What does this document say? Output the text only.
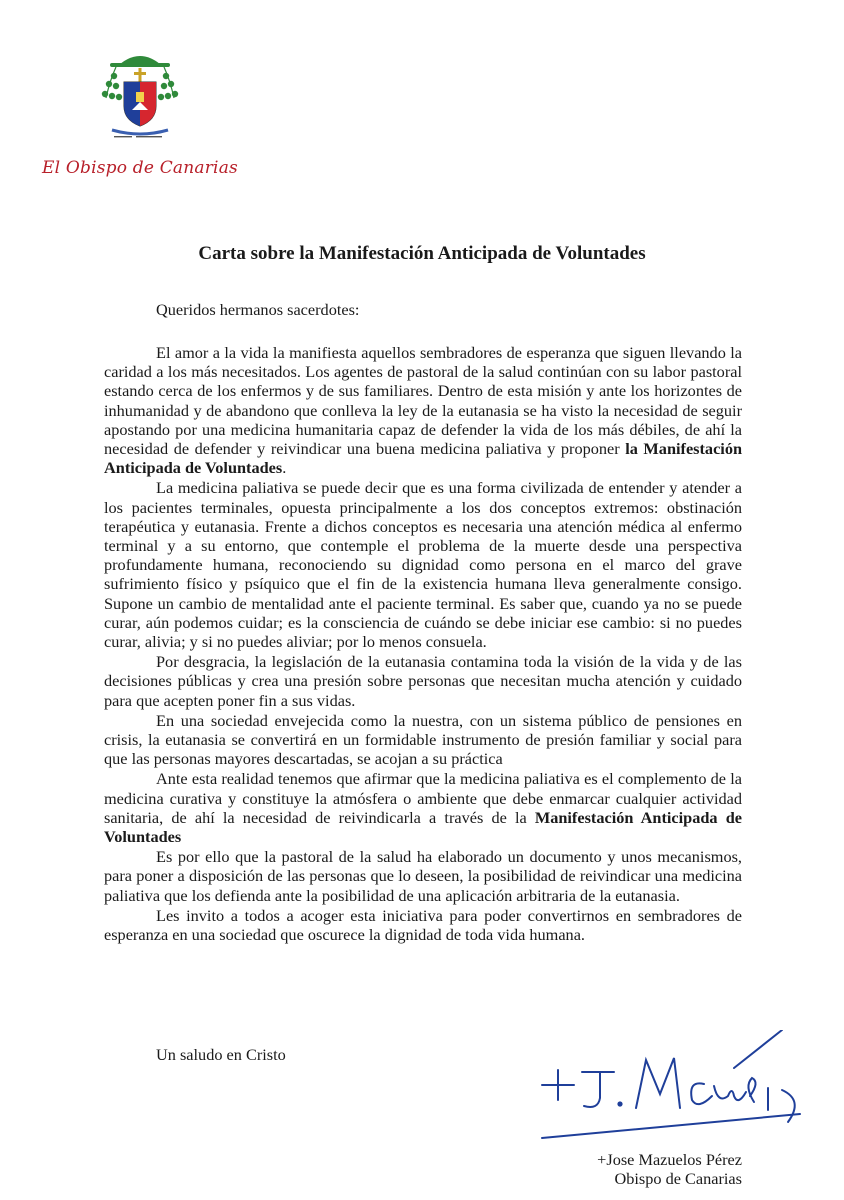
El Obispo de Canarias
Carta sobre la Manifestación Anticipada de Voluntades

Queridos hermanos sacerdotes:

El amor a la vida la manifiesta aquellos sembradores de esperanza que siguen llevando la caridad a los más necesitados. Los agentes de pastoral de la salud continúan con su labor pastoral estando cerca de los enfermos y de sus familiares. Dentro de esta misión y ante los horizontes de inhumanidad y de abandono que conlleva la ley de la eutanasia se ha visto la necesidad de seguir apostando por una medicina humanitaria capaz de defender la vida de los más débiles, de ahí la necesidad de defender y reivindicar una buena medicina paliativa y proponer la Manifestación Anticipada de Voluntades.

La medicina paliativa se puede decir que es una forma civilizada de entender y atender a los pacientes terminales, opuesta principalmente a los dos conceptos extremos: obstinación terapéutica y eutanasia. Frente a dichos conceptos es necesaria una atención médica al enfermo terminal y a su entorno, que contemple el problema de la muerte desde una perspectiva profundamente humana, reconociendo su dignidad como persona en el marco del grave sufrimiento físico y psíquico que el fin de la existencia humana lleva generalmente consigo. Supone un cambio de mentalidad ante el paciente terminal. Es saber que, cuando ya no se puede curar, aún podemos cuidar; es la consciencia de cuándo se debe iniciar ese cambio: si no puedes curar, alivia; y si no puedes aliviar; por lo menos consuela.

Por desgracia, la legislación de la eutanasia contamina toda la visión de la vida y de las decisiones públicas y crea una presión sobre personas que necesitan mucha atención y cuidado para que acepten poner fin a sus vidas.

En una sociedad envejecida como la nuestra, con un sistema público de pensiones en crisis, la eutanasia se convertirá en un formidable instrumento de presión familiar y social para que las personas mayores descartadas, se acojan a su práctica

Ante esta realidad tenemos que afirmar que la medicina paliativa es el complemento de la medicina curativa y constituye la atmósfera o ambiente que debe enmarcar cualquier actividad sanitaria, de ahí la necesidad de reivindicarla a través de la Manifestación Anticipada de Voluntades

Es por ello que la pastoral de la salud ha elaborado un documento y unos mecanismos, para poner a disposición de las personas que lo deseen, la posibilidad de reivindicar una medicina paliativa que los defienda ante la posibilidad de una aplicación arbitraria de la eutanasia.

Les invito a todos a acoger esta iniciativa para poder convertirnos en sembradores de esperanza en una sociedad que oscurece la dignidad de toda vida humana.

Un saludo en Cristo

+Jose Mazuelos Pérez
Obispo de Canarias
